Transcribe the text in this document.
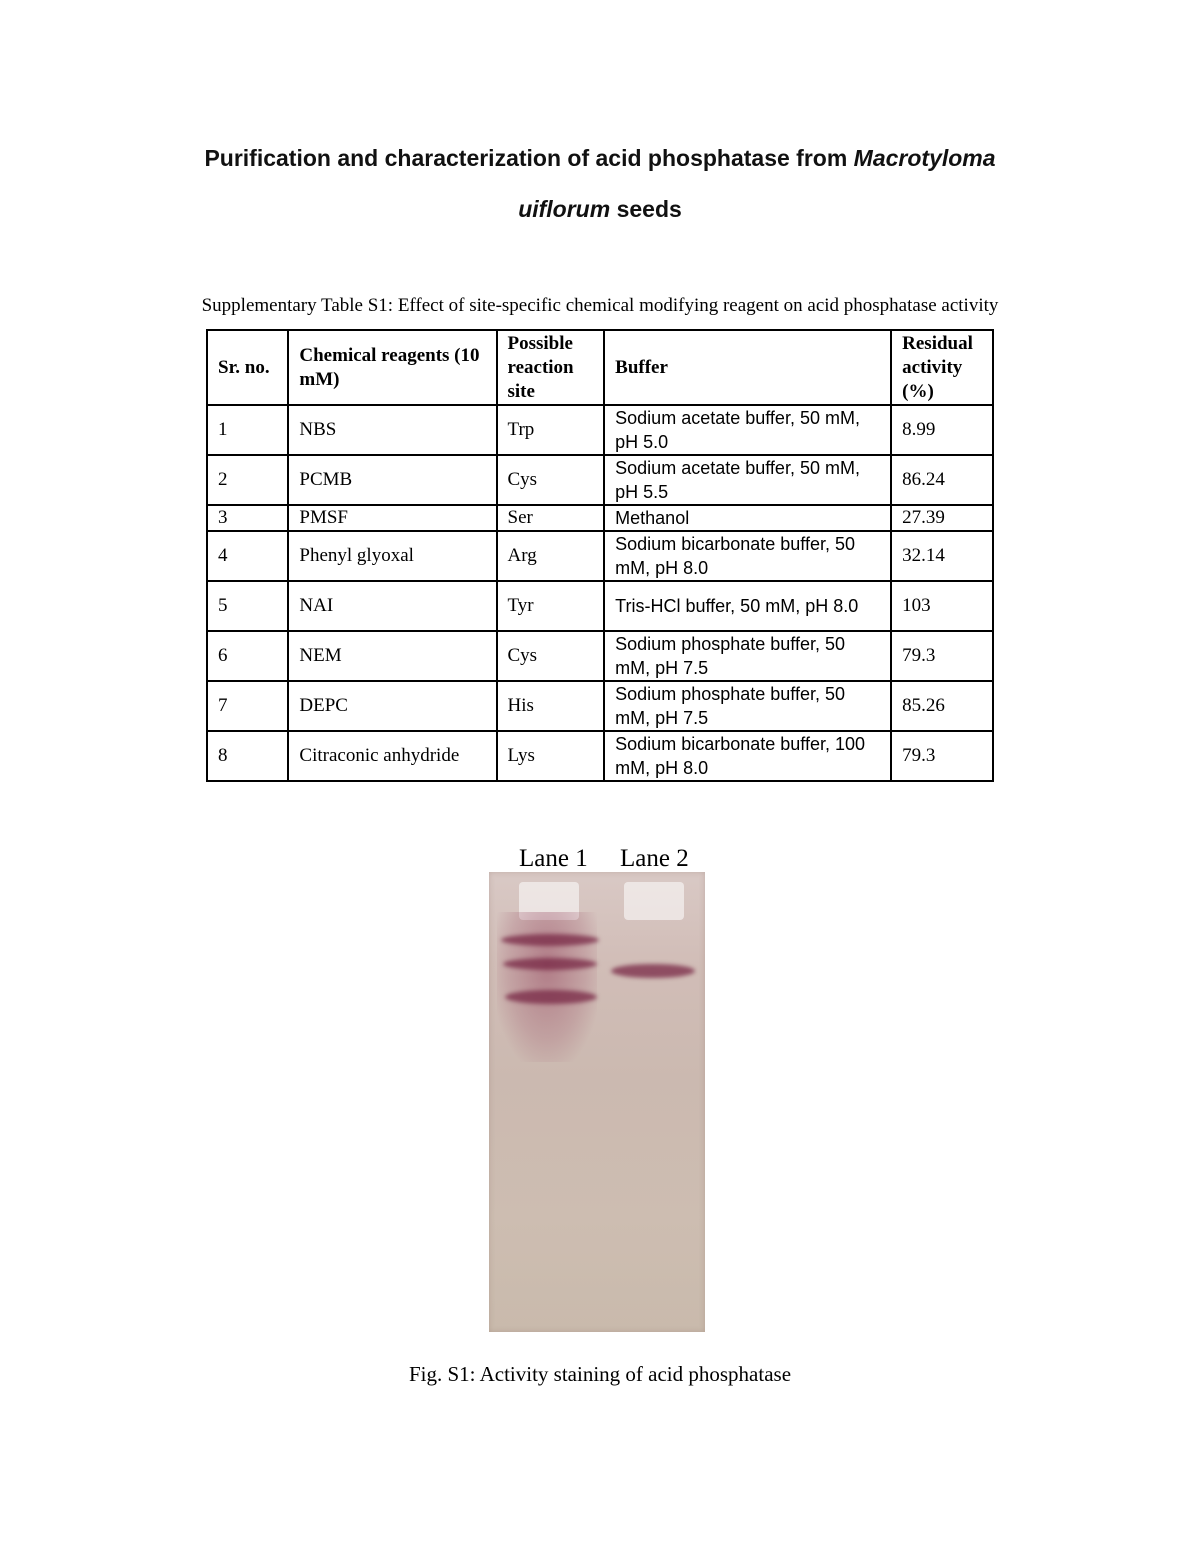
Purification and characterization of acid phosphatase from Macrotyloma
uiflorum seeds
Supplementary Table S1: Effect of site-specific chemical modifying reagent on acid phosphatase activity
Sr. no.	Chemical reagents (10 mM)	Possible reaction site	Buffer	Residual activity (%)
1	NBS	Trp	Sodium acetate buffer, 50 mM, pH 5.0	8.99
2	PCMB	Cys	Sodium acetate buffer, 50 mM, pH 5.5	86.24
3	PMSF	Ser	Methanol	27.39
4	Phenyl glyoxal	Arg	Sodium bicarbonate buffer, 50 mM, pH 8.0	32.14
5	NAI	Tyr	Tris-HCl buffer, 50 mM, pH 8.0	103
6	NEM	Cys	Sodium phosphate buffer, 50 mM, pH 7.5	79.3
7	DEPC	His	Sodium phosphate buffer, 50 mM, pH 7.5	85.26
8	Citraconic anhydride	Lys	Sodium bicarbonate buffer, 100 mM, pH 8.0	79.3
Lane 1 Lane 2
Fig. S1: Activity staining of acid phosphatase
